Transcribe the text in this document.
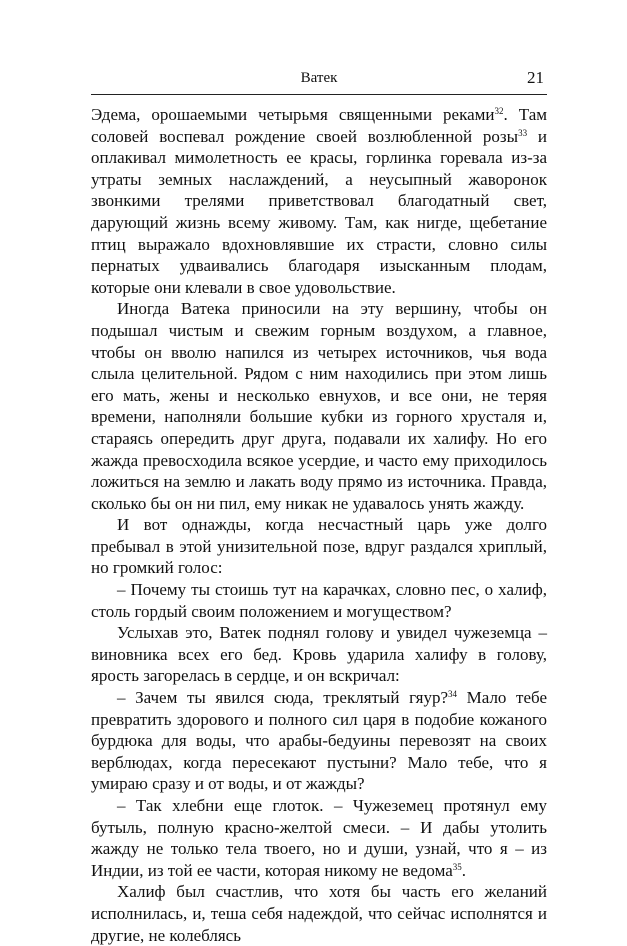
Ватек	21

Эдема, орошаемыми четырьмя священными реками$^{32}$. Там соловей воспевал рождение своей возлюбленной розы$^{33}$ и оплакивал мимолетность ее красы, горлинка горевала из-за утраты земных наслаждений, а неусыпный жаворонок звонкими трелями приветствовал благодатный свет, дарующий жизнь всему живому. Там, как нигде, щебетание птиц выражало вдохновлявшие их страсти, словно силы пернатых удваивались благодаря изысканным плодам, которые они клевали в свое удовольствие.

Иногда Ватека приносили на эту вершину, чтобы он подышал чистым и свежим горным воздухом, а главное, чтобы он вволю напился из четырех источников, чья вода слыла целительной. Рядом с ним находились при этом лишь его мать, жены и несколько евнухов, и все они, не теряя времени, наполняли большие кубки из горного хрусталя и, стараясь опередить друг друга, подавали их халифу. Но его жажда превосходила всякое усердие, и часто ему приходилось ложиться на землю и лакать воду прямо из источника. Правда, сколько бы он ни пил, ему никак не удавалось унять жажду.

И вот однажды, когда несчастный царь уже долго пребывал в этой унизительной позе, вдруг раздался хриплый, но громкий голос:

– Почему ты стоишь тут на карачках, словно пес, о халиф, столь гордый своим положением и могуществом?

Услыхав это, Ватек поднял голову и увидел чужеземца – виновника всех его бед. Кровь ударила халифу в голову, ярость загорелась в сердце, и он вскричал:

– Зачем ты явился сюда, треклятый гяур?$^{34}$ Мало тебе превратить здорового и полного сил царя в подобие кожаного бурдюка для воды, что арабы-бедуины перевозят на своих верблюдах, когда пересекают пустыни? Мало тебе, что я умираю сразу и от воды, и от жажды?

– Так хлебни еще глоток. – Чужеземец протянул ему бутыль, полную красно-желтой смеси. – И дабы утолить жажду не только тела твоего, но и души, узнай, что я – из Индии, из той ее части, которая никому не ведома$^{35}$.

Халиф был счастлив, что хотя бы часть его желаний исполнилась, и, теша себя надеждой, что сейчас исполнятся и другие, не колеблясь
